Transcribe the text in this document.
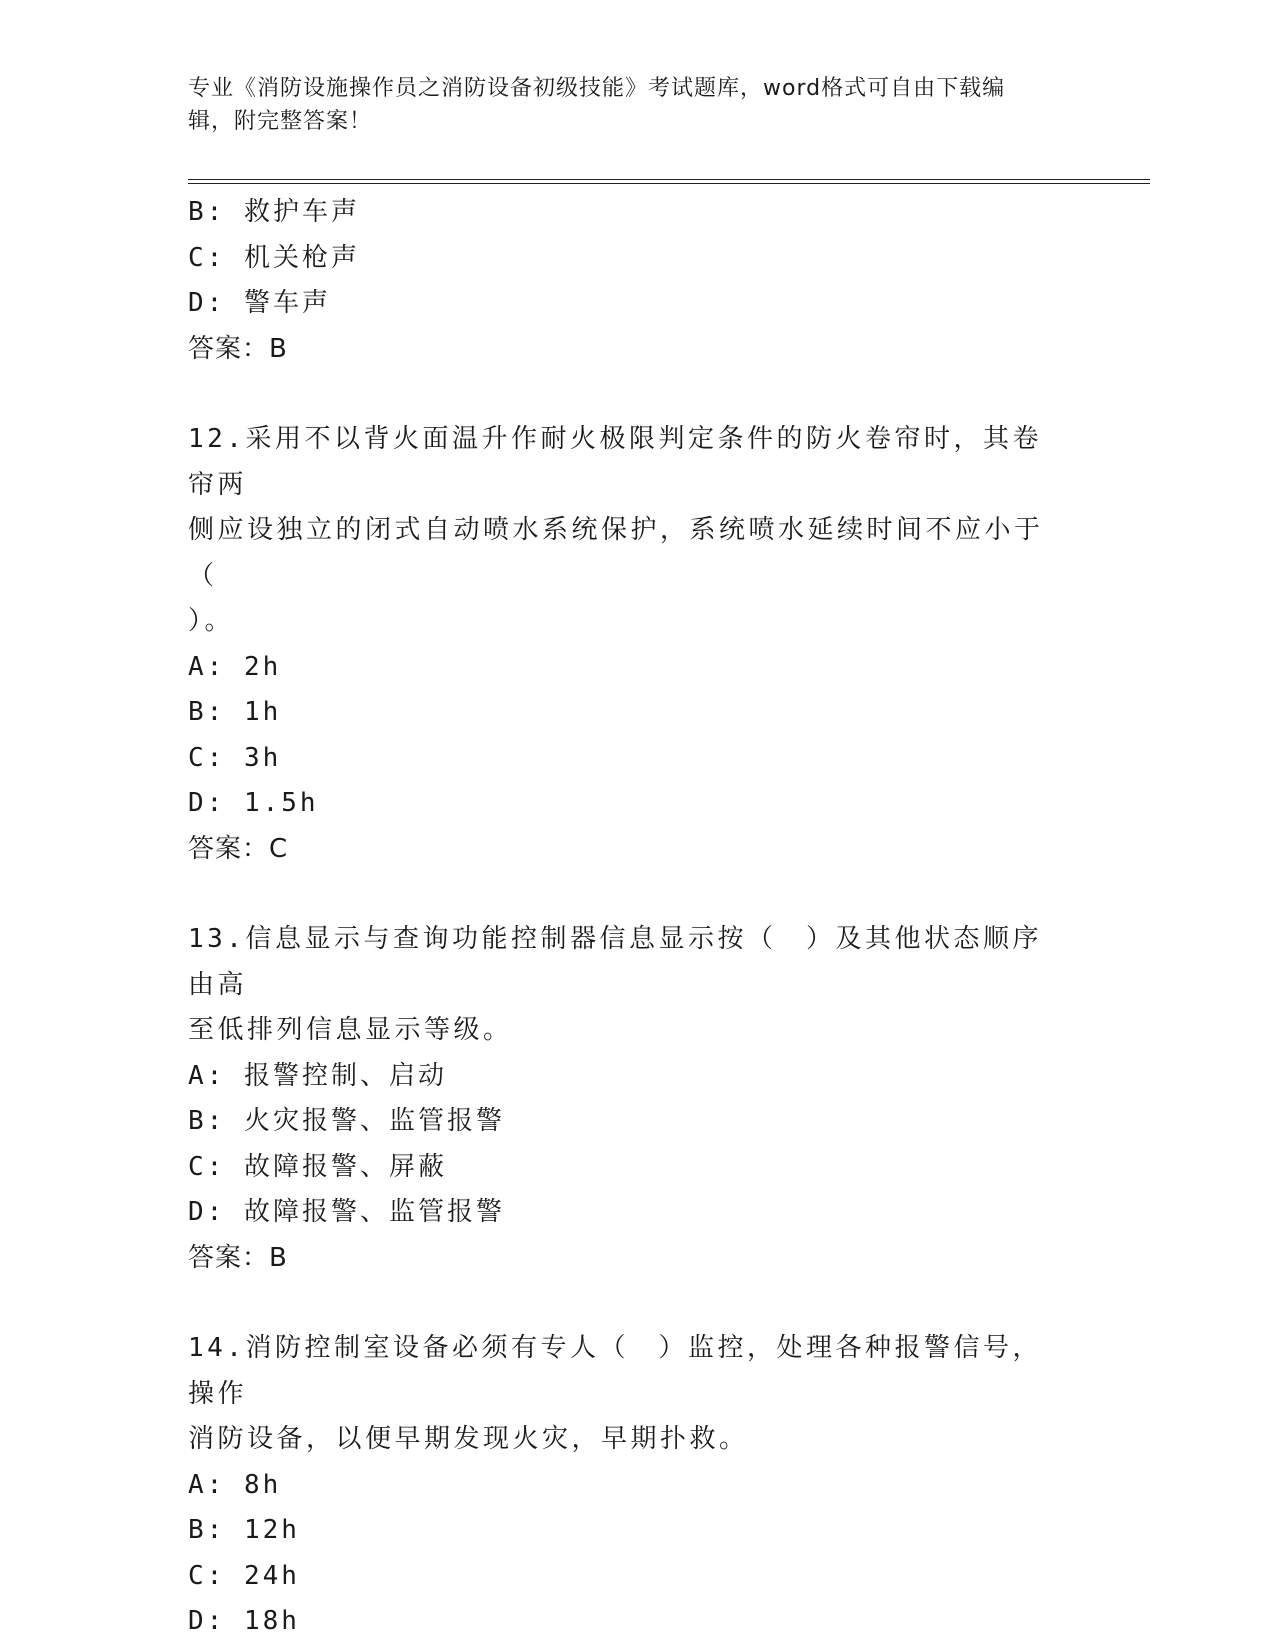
专业《消防设施操作员之消防设备初级技能》考试题库，word格式可自由下载编
辑，附完整答案！

B: 救护车声

C: 机关枪声

D: 警车声

答案：B

12.采用不以背火面温升作耐火极限判定条件的防火卷帘时，其卷帘两

侧应设独立的闭式自动喷水系统保护，系统喷水延续时间不应小于（

）。

A: 2h

B: 1h

C: 3h

D: 1.5h

答案：C

13.信息显示与查询功能控制器信息显示按（　）及其他状态顺序由高

至低排列信息显示等级。

A: 报警控制、启动

B: 火灾报警、监管报警

C: 故障报警、屏蔽

D: 故障报警、监管报警

答案：B

14.消防控制室设备必须有专人（　）监控，处理各种报警信号，操作

消防设备，以便早期发现火灾，早期扑救。

A: 8h

B: 12h

C: 24h

D: 18h
